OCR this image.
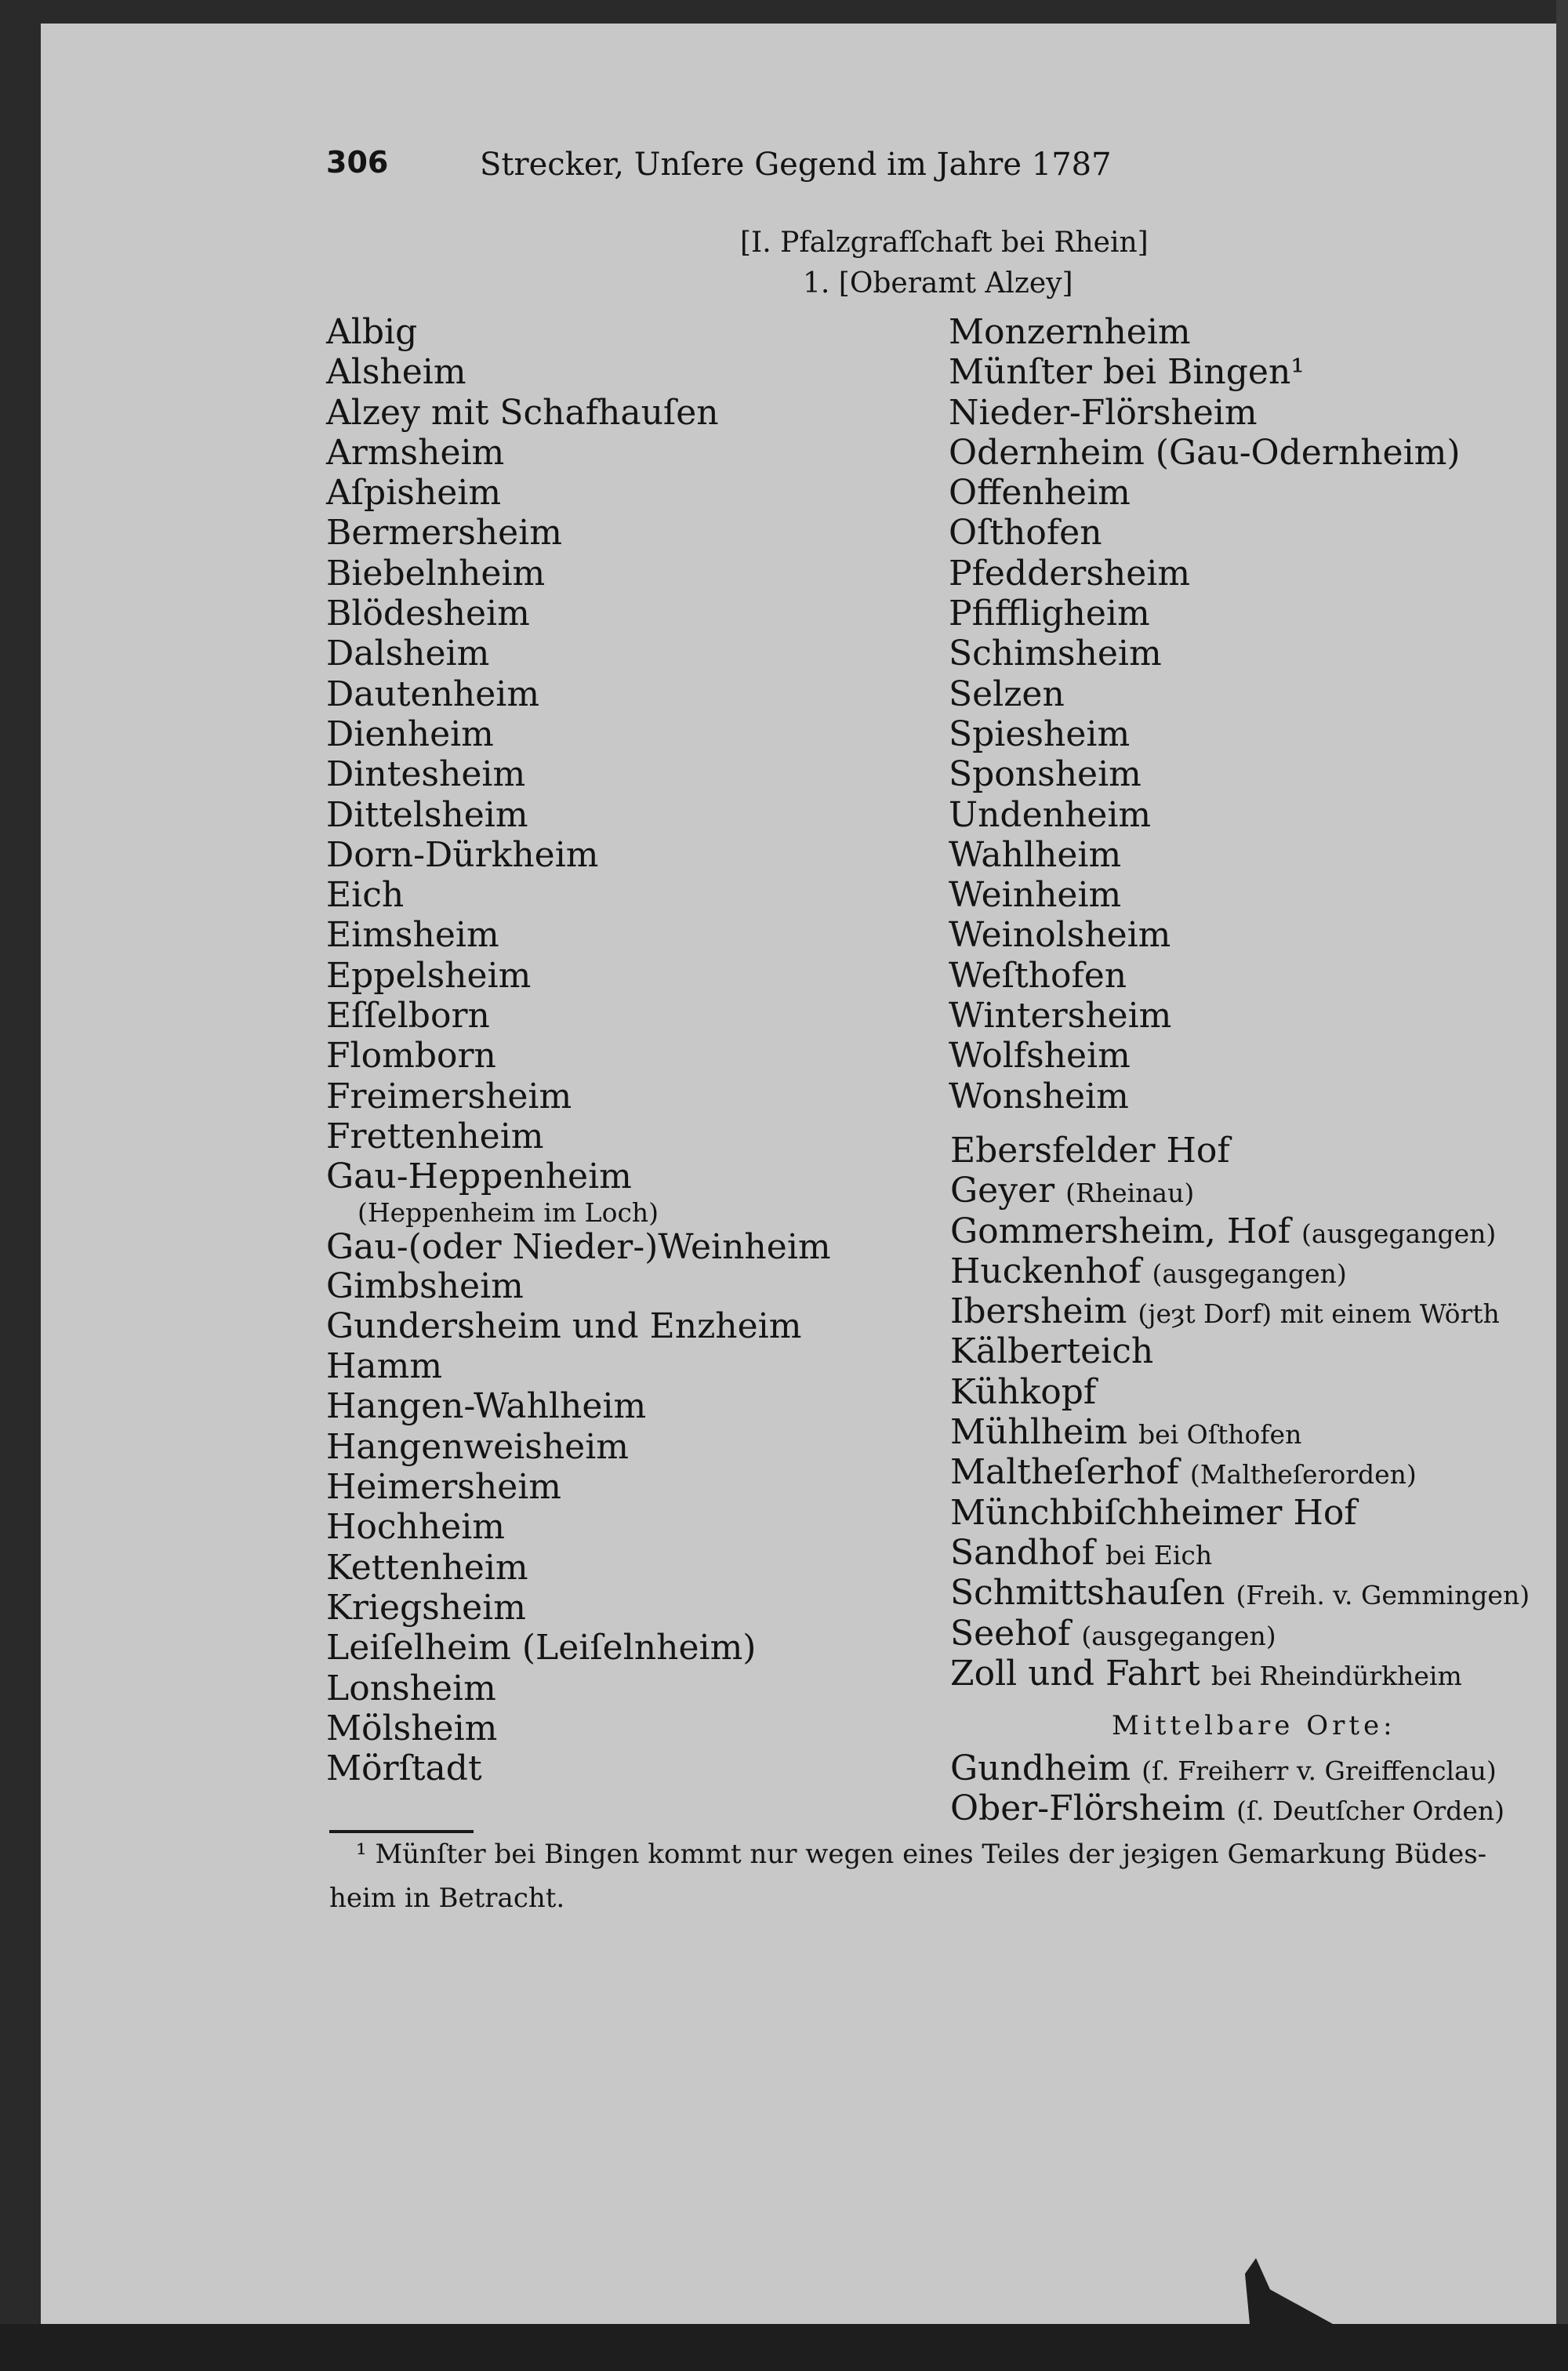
306	Strecker, Unſere Gegend im Jahre 1787
[I. Pfalzgrafſchaft bei Rhein]
1. [Oberamt Alzey]
Albig
Alsheim
Alzey mit Schafhauſen
Armsheim
Aſpisheim
Bermersheim
Biebelnheim
Blödesheim
Dalsheim
Dautenheim
Dienheim
Dintesheim
Dittelsheim
Dorn-Dürkheim
Eich
Eimsheim
Eppelsheim
Eſſelborn
Flomborn
Freimersheim
Frettenheim
Gau-Heppenheim
(Heppenheim im Loch)
Gau-(oder Nieder-)Weinheim
Gimbsheim
Gundersheim und Enzheim
Hamm
Hangen-Wahlheim
Hangenweisheim
Heimersheim
Hochheim
Kettenheim
Kriegsheim
Leiſelheim (Leiſelnheim)
Lonsheim
Mölsheim
Mörſtadt
Monzernheim
Münſter bei Bingen¹
Nieder-Flörsheim
Odernheim (Gau-Odernheim)
Offenheim
Oſthofen
Pfeddersheim
Pfiffligheim
Schimsheim
Selzen
Spiesheim
Sponsheim
Undenheim
Wahlheim
Weinheim
Weinolsheim
Weſthofen
Wintersheim
Wolfsheim
Wonsheim
Ebersfelder Hof
Geyer (Rheinau)
Gommersheim, Hof (ausgegangen)
Huckenhof (ausgegangen)
Ibersheim (jeȝt Dorf) mit einem Wörth
Kälberteich
Kühkopf
Mühlheim bei Oſthofen
Maltheſerhof (Maltheſerorden)
Münchbiſchheimer Hof
Sandhof bei Eich
Schmittshauſen (Freih. v. Gemmingen)
Seehof (ausgegangen)
Zoll und Fahrt bei Rheindürkheim
Mittelbare Orte:
Gundheim (ſ. Freiherr v. Greiffenclau)
Ober-Flörsheim (ſ. Deutſcher Orden)
¹ Münſter bei Bingen kommt nur wegen eines Teiles der jeȝigen Gemarkung Büdes-
heim in Betracht.
